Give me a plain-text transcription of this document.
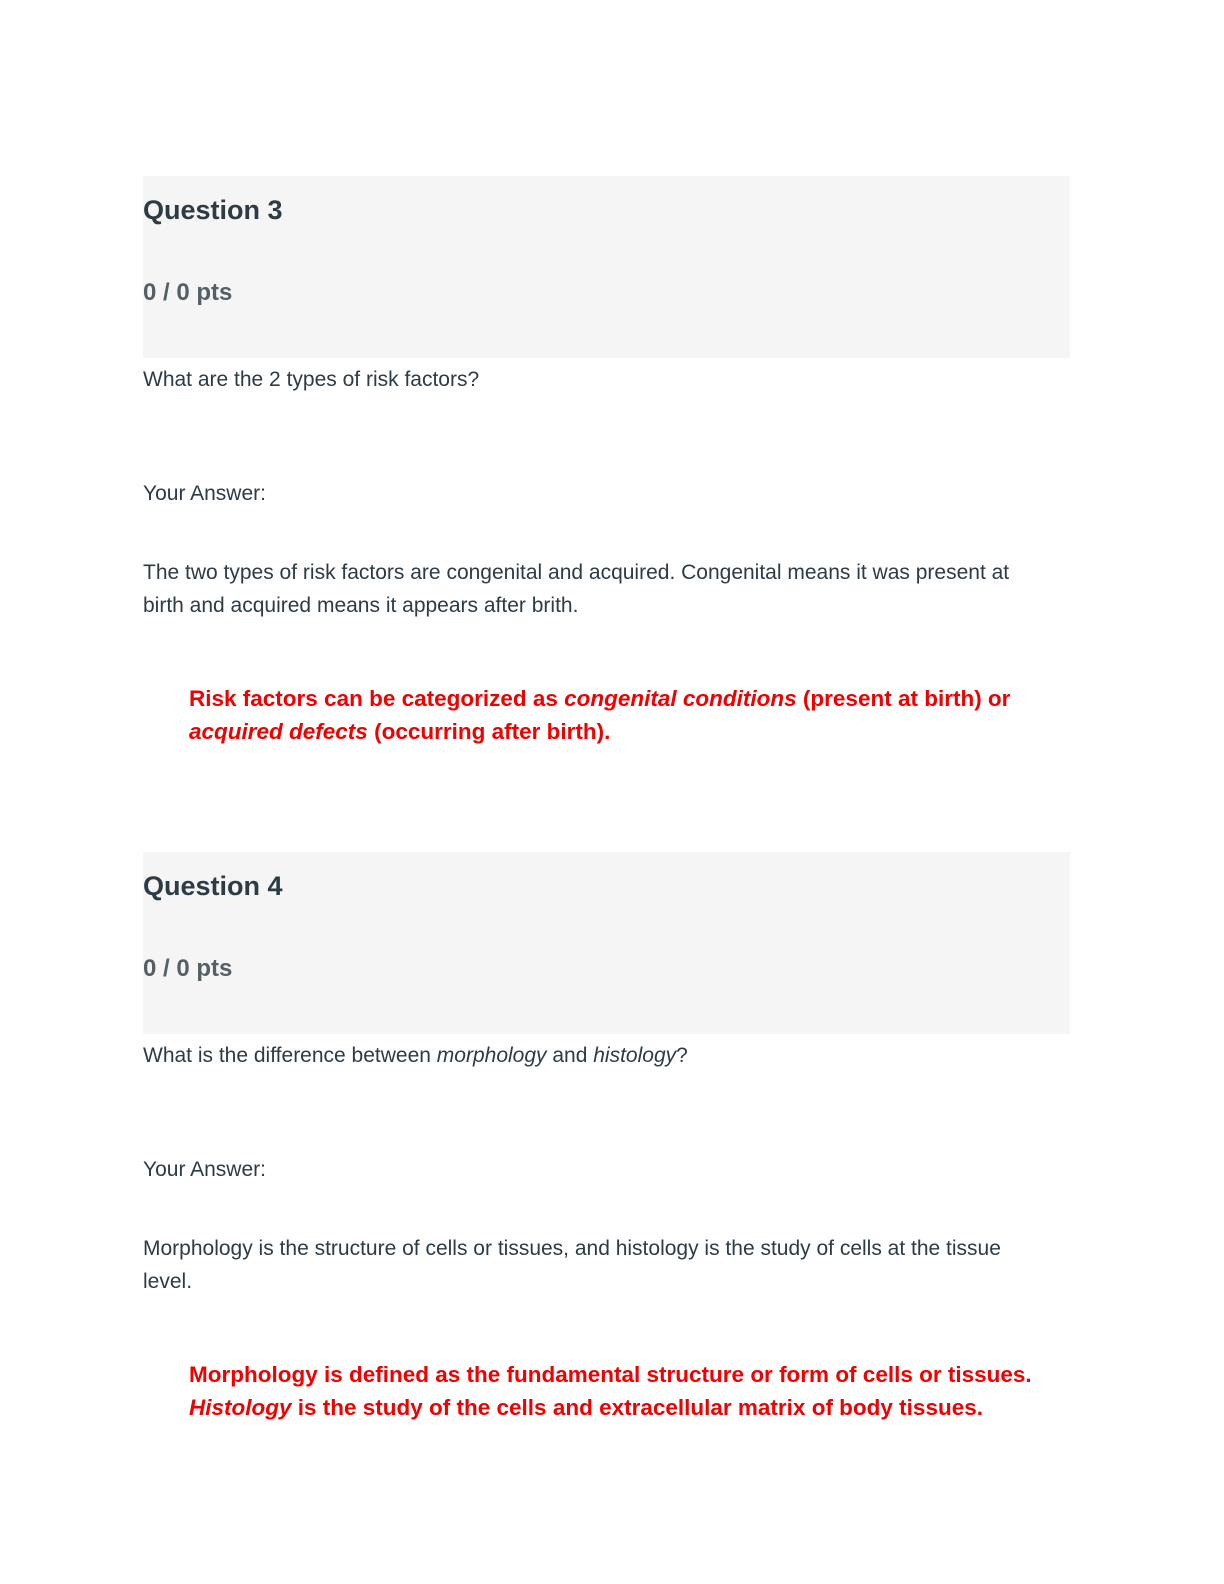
Question 3
0 / 0 pts
What are the 2 types of risk factors?
Your Answer:
The two types of risk factors are congenital and acquired. Congenital means it was present at birth and acquired means it appears after brith.
Risk factors can be categorized as congenital conditions (present at birth) or acquired defects (occurring after birth).
Question 4
0 / 0 pts
What is the difference between morphology and histology?
Your Answer:
Morphology is the structure of cells or tissues, and histology is the study of cells at the tissue level.
Morphology is defined as the fundamental structure or form of cells or tissues. Histology is the study of the cells and extracellular matrix of body tissues.
